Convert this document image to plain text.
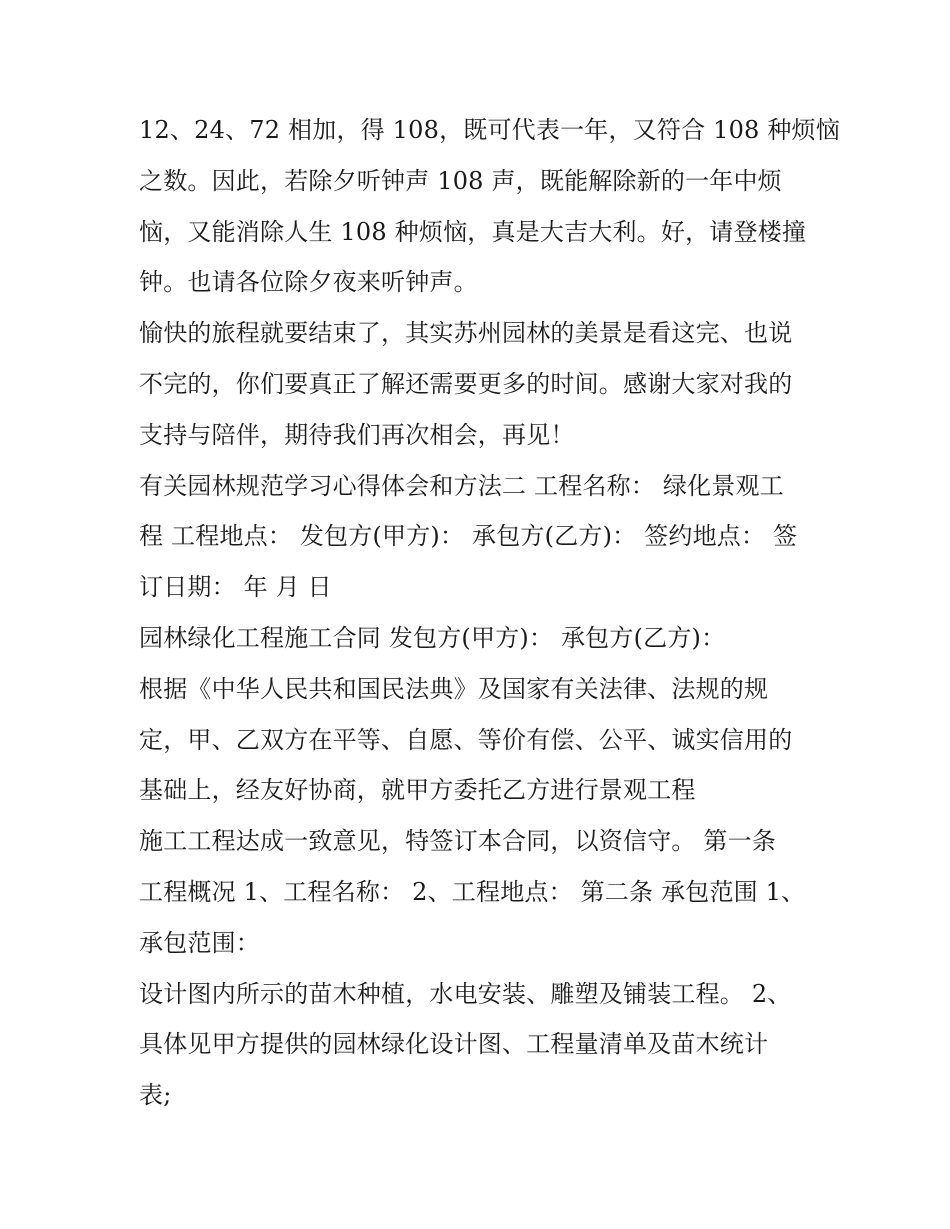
12、24、72 相加，得 108，既可代表一年，又符合 108 种烦恼
之数。因此，若除夕听钟声 108 声，既能解除新的一年中烦
恼，又能消除人生 108 种烦恼，真是大吉大利。好，请登楼撞
钟。也请各位除夕夜来听钟声。
愉快的旅程就要结束了，其实苏州园林的美景是看这完、也说
不完的，你们要真正了解还需要更多的时间。感谢大家对我的
支持与陪伴，期待我们再次相会，再见！
有关园林规范学习心得体会和方法二 工程名称： 绿化景观工
程 工程地点： 发包方(甲方)： 承包方(乙方)： 签约地点： 签
订日期： 年 月 日
园林绿化工程施工合同 发包方(甲方)： 承包方(乙方)：
根据《中华人民共和国民法典》及国家有关法律、法规的规
定，甲、乙双方在平等、自愿、等价有偿、公平、诚实信用的
基础上，经友好协商，就甲方委托乙方进行景观工程
施工工程达成一致意见，特签订本合同，以资信守。 第一条
工程概况 1、工程名称： 2、工程地点： 第二条 承包范围 1、
承包范围：
设计图内所示的苗木种植，水电安装、雕塑及铺装工程。 2、
具体见甲方提供的园林绿化设计图、工程量清单及苗木统计
表;
